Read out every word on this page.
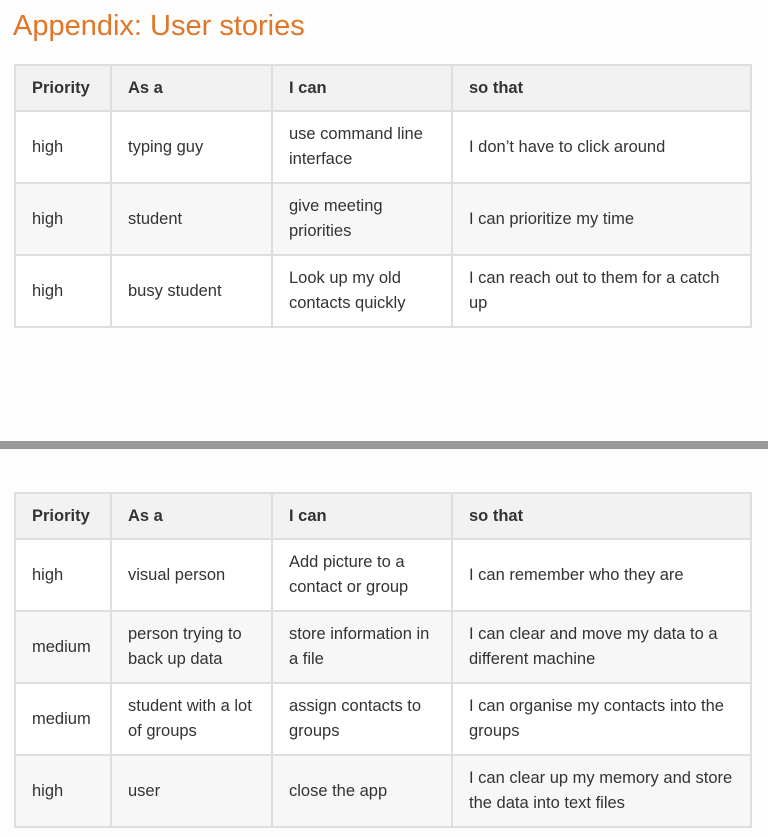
Appendix: User stories
Priority	As a	I can	so that
high	typing guy	use command line interface	I don’t have to click around
high	student	give meeting priorities	I can prioritize my time
high	busy student	Look up my old contacts quickly	I can reach out to them for a catch up
Priority	As a	I can	so that
high	visual person	Add picture to a contact or group	I can remember who they are
medium	person trying to back up data	store information in a file	I can clear and move my data to a different machine
medium	student with a lot of groups	assign contacts to groups	I can organise my contacts into the groups
high	user	close the app	I can clear up my memory and store the data into text files
